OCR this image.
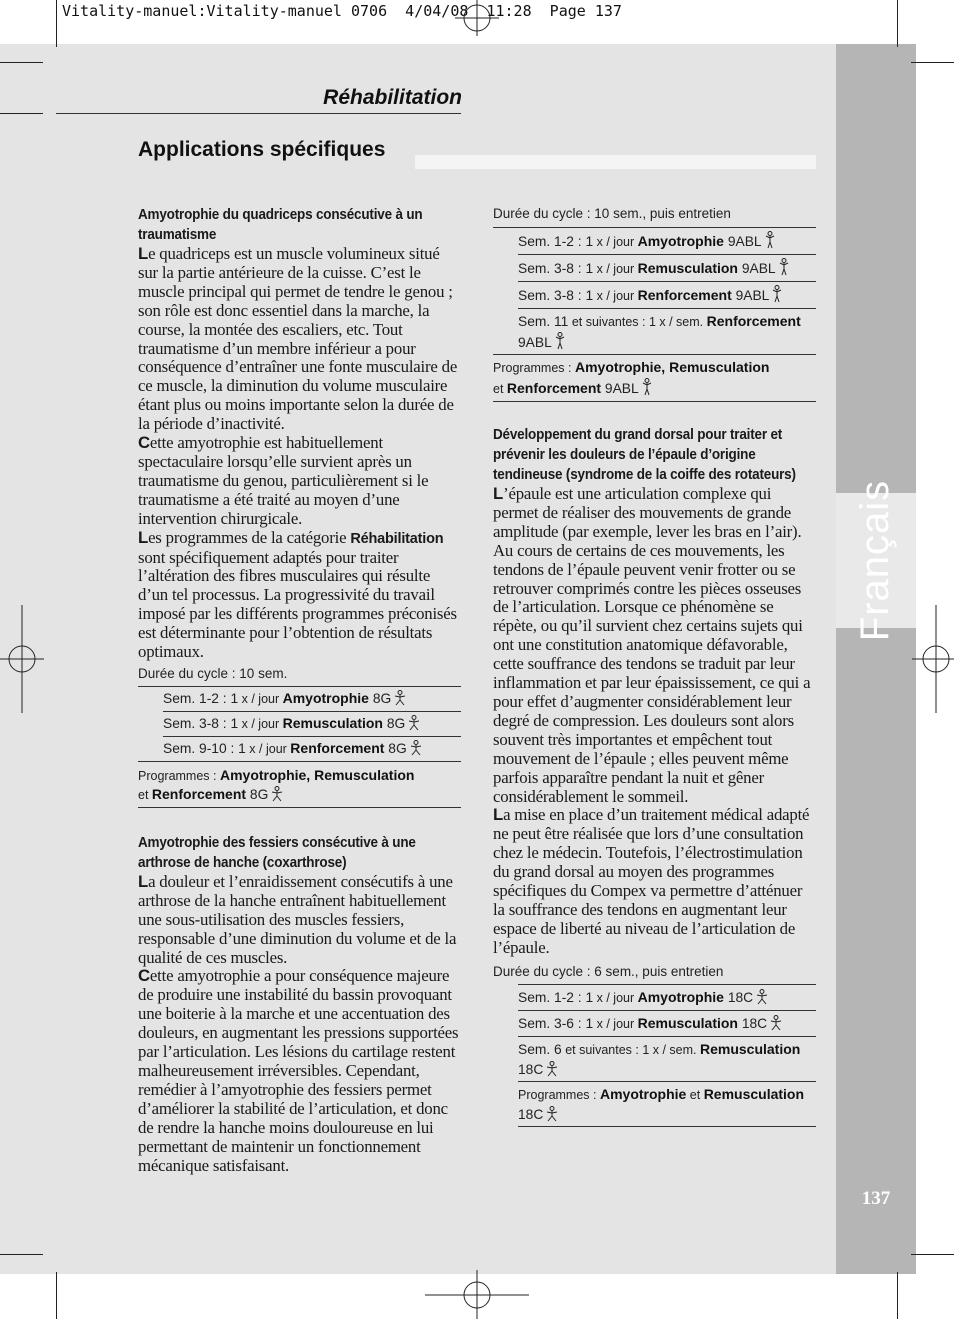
Français
137
Vitality-manuel:Vitality-manuel 0706  4/04/08  11:28  Page 137
Réhabilitation
Applications spécifiques

Amyotrophie du quadriceps consécutive à un traumatisme

Le quadriceps est un muscle volumineux situé sur la partie antérieure de la cuisse. C’est le muscle principal qui permet de tendre le genou ; son rôle est donc essentiel dans la marche, la course, la montée des escaliers, etc. Tout traumatisme d’un membre inférieur a pour conséquence d’entraîner une fonte musculaire de ce muscle, la diminution du volume musculaire étant plus ou moins importante selon la durée de la période d’inactivité.

Cette amyotrophie est habituellement spectaculaire lorsqu’elle survient après un traumatisme du genou, particulièrement si le traumatisme a été traité au moyen d’une intervention chirurgicale.

Les programmes de la catégorie Réhabilitation sont spécifiquement adaptés pour traiter l’altération des fibres musculaires qui résulte d’un tel processus. La progressivité du travail imposé par les différents programmes préconisés est déterminante pour l’obtention de résultats optimaux.

Durée du cycle : 10 sem.

Sem. 1-2 : 1 x / jour Amyotrophie 8G
Sem. 3-8 : 1 x / jour Remusculation 8G
Sem. 9-10 : 1 x / jour Renforcement 8G
Programmes : Amyotrophie, Remusculation
et Renforcement 8G

Amyotrophie des fessiers consécutive à une arthrose de hanche (coxarthrose)

La douleur et l’enraidissement consécutifs à une arthrose de la hanche entraînent habituellement une sous-utilisation des muscles fessiers, responsable d’une diminution du volume et de la qualité de ces muscles.

Cette amyotrophie a pour conséquence majeure de produire une instabilité du bassin provoquant une boiterie à la marche et une accentuation des douleurs, en augmentant les pressions supportées par l’articulation. Les lésions du cartilage restent malheureusement irréversibles. Cependant, remédier à l’amyotrophie des fessiers permet d’améliorer la stabilité de l’articulation, et donc de rendre la hanche moins douloureuse en lui permettant de maintenir un fonctionnement mécanique satisfaisant.

Durée du cycle : 10 sem., puis entretien

Sem. 1-2 : 1 x / jour Amyotrophie 9ABL
Sem. 3-8 : 1 x / jour Remusculation 9ABL
Sem. 3-8 : 1 x / jour Renforcement 9ABL
Sem. 11 et suivantes : 1 x / sem. Renforcement 9ABL
Programmes : Amyotrophie, Remusculation
et Renforcement 9ABL

Développement du grand dorsal pour traiter et prévenir les douleurs de l’épaule d’origine tendineuse (syndrome de la coiffe des rotateurs)

L’épaule est une articulation complexe qui permet de réaliser des mouvements de grande amplitude (par exemple, lever les bras en l’air). Au cours de certains de ces mouvements, les tendons de l’épaule peuvent venir frotter ou se retrouver comprimés contre les pièces osseuses de l’articulation. Lorsque ce phénomène se répète, ou qu’il survient chez certains sujets qui ont une constitution anatomique défavorable, cette souffrance des tendons se traduit par leur inflammation et par leur épaississement, ce qui a pour effet d’augmenter considérablement leur degré de compression. Les douleurs sont alors souvent très importantes et empêchent tout mouvement de l’épaule ; elles peuvent même parfois apparaître pendant la nuit et gêner considérablement le sommeil.

La mise en place d’un traitement médical adapté ne peut être réalisée que lors d’une consultation chez le médecin. Toutefois, l’électrostimulation du grand dorsal au moyen des programmes spécifiques du Compex va permettre d’atténuer la souffrance des tendons en augmentant leur espace de liberté au niveau de l’articulation de l’épaule.

Durée du cycle : 6 sem., puis entretien

Sem. 1-2 : 1 x / jour Amyotrophie 18C
Sem. 3-6 : 1 x / jour Remusculation 18C
Sem. 6 et suivantes : 1 x / sem. Remusculation 18C
Programmes : Amyotrophie et Remusculation 18C
